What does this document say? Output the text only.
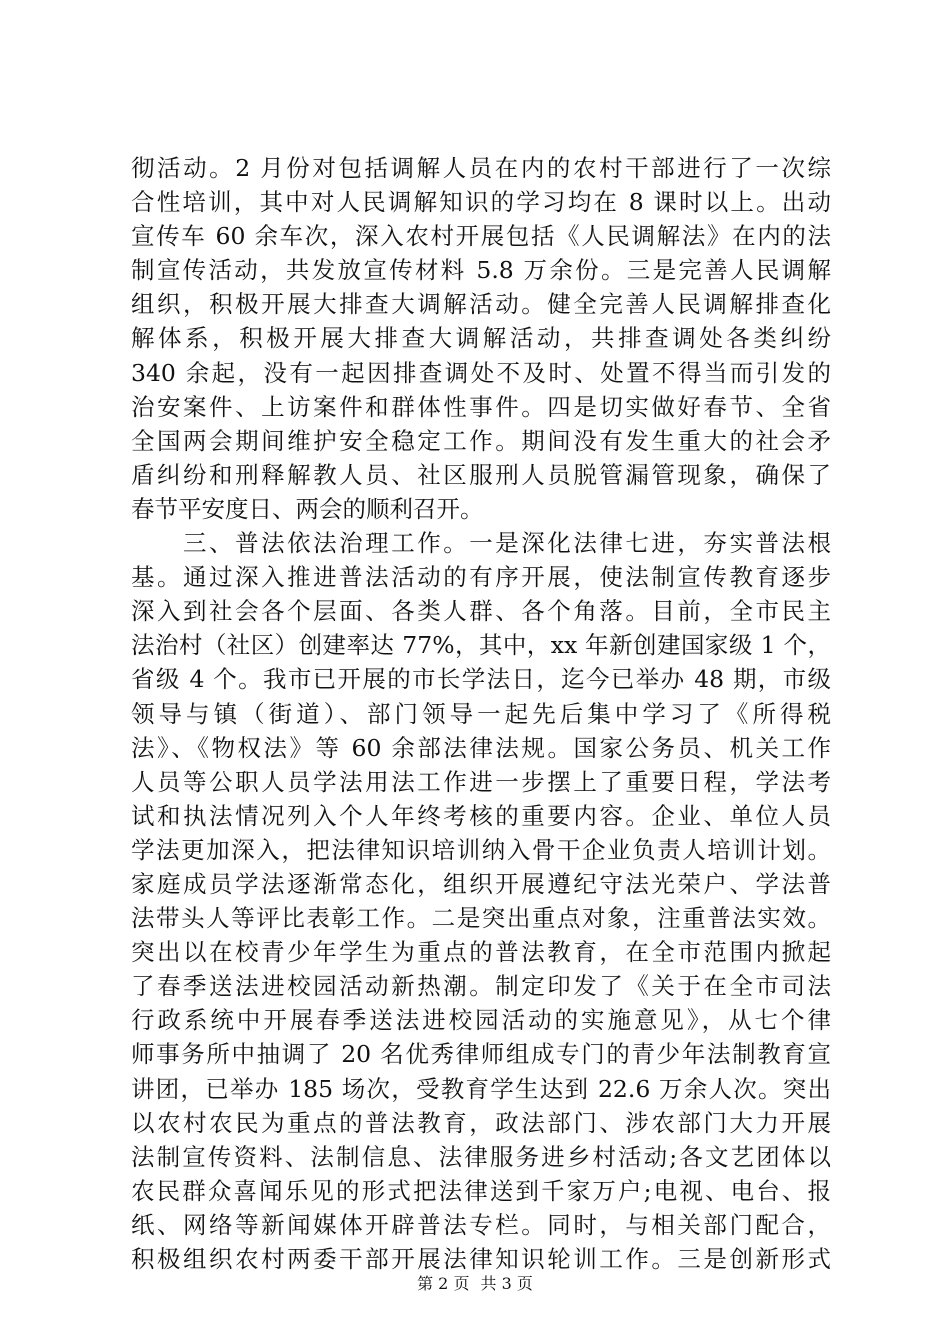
彻活动。2 月份对包括调解人员在内的农村干部进行了一次综
合性培训，其中对人民调解知识的学习均在 8 课时以上。出动
宣传车 60 余车次，深入农村开展包括《人民调解法》在内的法
制宣传活动，共发放宣传材料 5.8 万余份。三是完善人民调解
组织，积极开展大排查大调解活动。健全完善人民调解排查化
解体系，积极开展大排查大调解活动，共排查调处各类纠纷
340 余起，没有一起因排查调处不及时、处置不得当而引发的
治安案件、上访案件和群体性事件。四是切实做好春节、全省
全国两会期间维护安全稳定工作。期间没有发生重大的社会矛
盾纠纷和刑释解教人员、社区服刑人员脱管漏管现象，确保了
春节平安度日、两会的顺利召开。
　　三、普法依法治理工作。一是深化法律七进，夯实普法根
基。通过深入推进普法活动的有序开展，使法制宣传教育逐步
深入到社会各个层面、各类人群、各个角落。目前，全市民主
法治村（社区）创建率达 77%，其中，xx 年新创建国家级 1 个，
省级 4 个。我市已开展的市长学法日，迄今已举办 48 期，市级
领导与镇（街道）、部门领导一起先后集中学习了《所得税
法》、《物权法》等 60 余部法律法规。国家公务员、机关工作
人员等公职人员学法用法工作进一步摆上了重要日程，学法考
试和执法情况列入个人年终考核的重要内容。企业、单位人员
学法更加深入，把法律知识培训纳入骨干企业负责人培训计划。
家庭成员学法逐渐常态化，组织开展遵纪守法光荣户、学法普
法带头人等评比表彰工作。二是突出重点对象，注重普法实效。
突出以在校青少年学生为重点的普法教育，在全市范围内掀起
了春季送法进校园活动新热潮。制定印发了《关于在全市司法
行政系统中开展春季送法进校园活动的实施意见》，从七个律
师事务所中抽调了 20 名优秀律师组成专门的青少年法制教育宣
讲团，已举办 185 场次，受教育学生达到 22.6 万余人次。突出
以农村农民为重点的普法教育，政法部门、涉农部门大力开展
法制宣传资料、法制信息、法律服务进乡村活动;各文艺团体以
农民群众喜闻乐见的形式把法律送到千家万户;电视、电台、报
纸、网络等新闻媒体开辟普法专栏。同时，与相关部门配合，
积极组织农村两委干部开展法律知识轮训工作。三是创新形式
第 2 页 共 3 页
